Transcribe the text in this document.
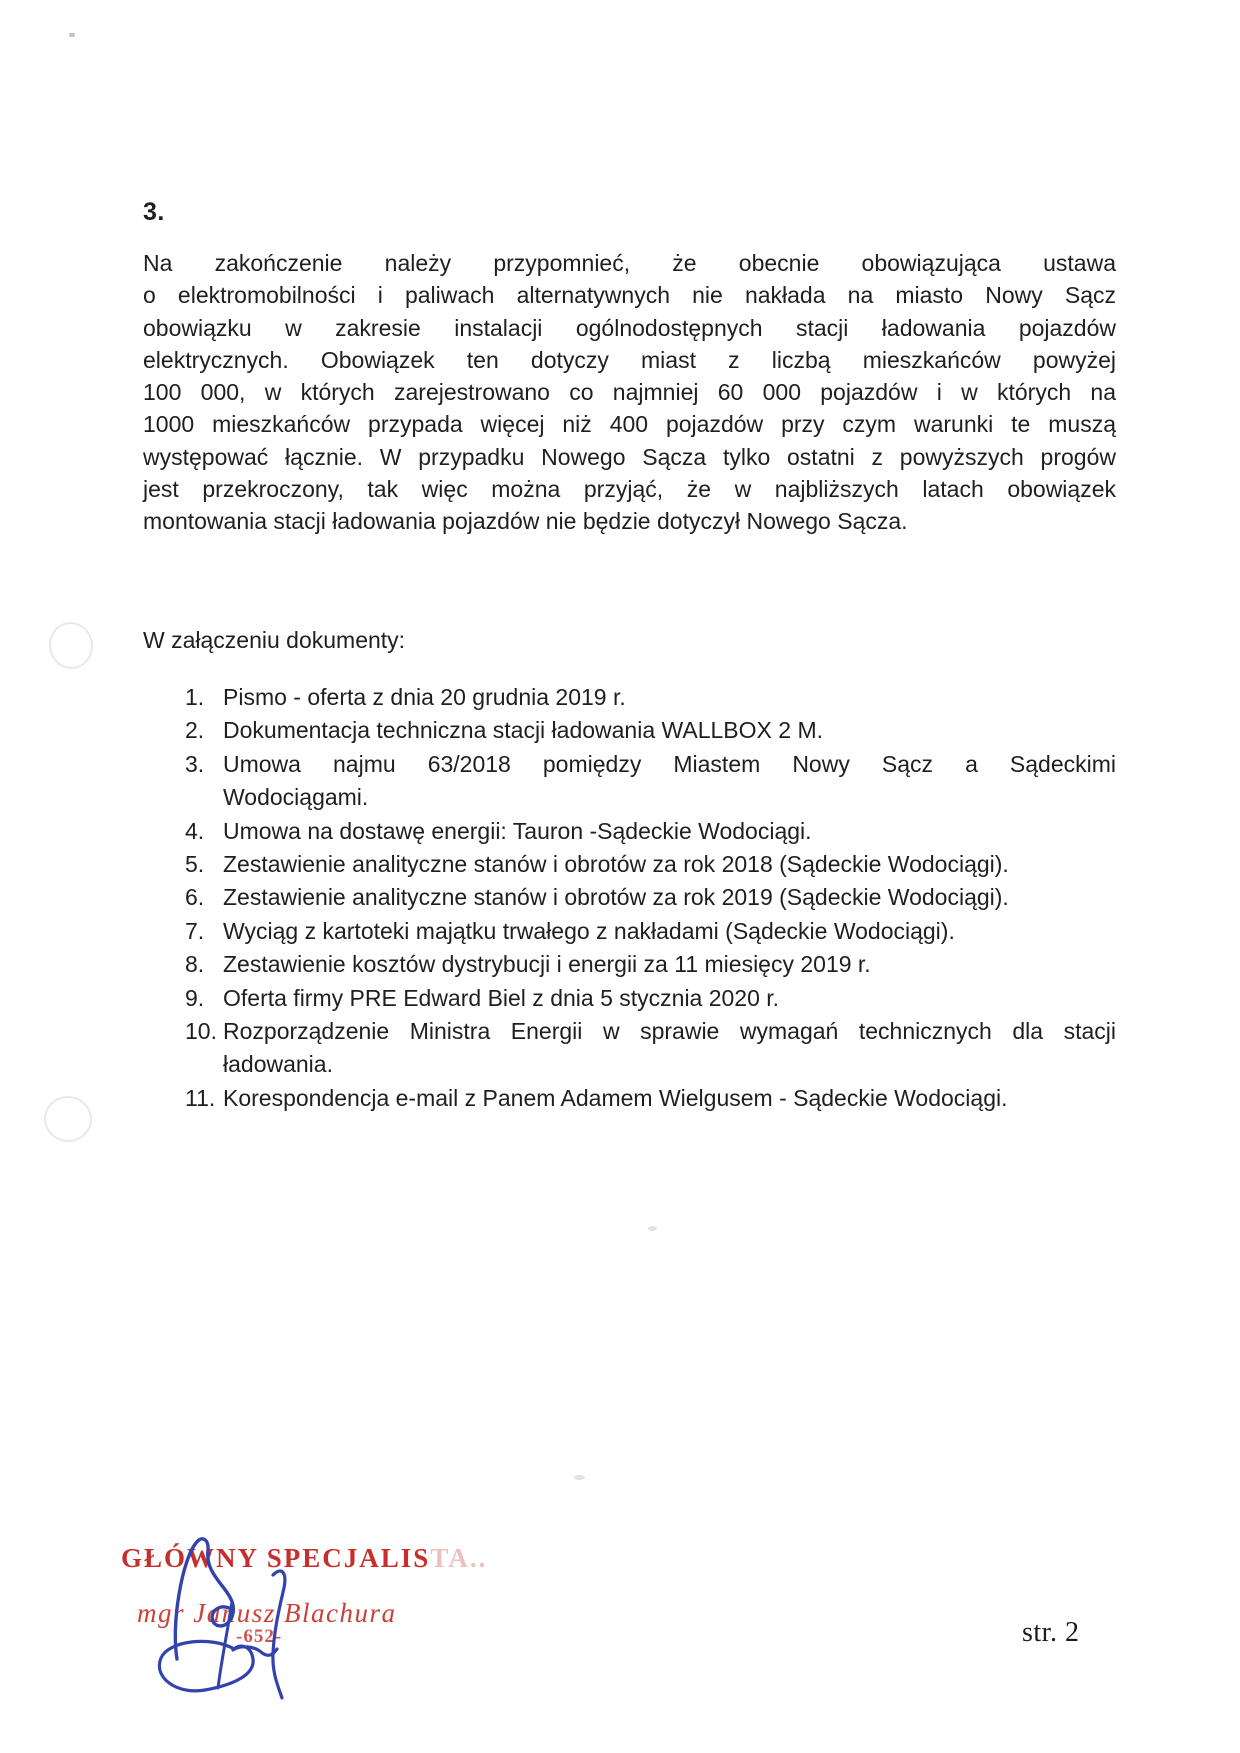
3.
Na zakończenie należy przypomnieć, że obecnie obowiązująca ustawa
o elektromobilności i paliwach alternatywnych nie nakłada na miasto Nowy Sącz
obowiązku w zakresie instalacji ogólnodostępnych stacji ładowania pojazdów
elektrycznych. Obowiązek ten dotyczy miast z liczbą mieszkańców powyżej
100 000, w których zarejestrowano co najmniej 60 000 pojazdów i w których na
1000 mieszkańców przypada więcej niż 400 pojazdów przy czym warunki te muszą
występować łącznie. W przypadku Nowego Sącza tylko ostatni z powyższych progów
jest przekroczony, tak więc można przyjąć, że w najbliższych latach obowiązek
montowania stacji ładowania pojazdów nie będzie dotyczył Nowego Sącza.
W załączeniu dokumenty:
1. Pismo - oferta z dnia 20 grudnia 2019 r.
2. Dokumentacja techniczna stacji ładowania WALLBOX 2 M.
3. Umowa najmu 63/2018 pomiędzy Miastem Nowy Sącz a Sądeckimi
Wodociągami.
4. Umowa na dostawę energii: Tauron -Sądeckie Wodociągi.
5. Zestawienie analityczne stanów i obrotów za rok 2018 (Sądeckie Wodociągi).
6. Zestawienie analityczne stanów i obrotów za rok 2019 (Sądeckie Wodociągi).
7. Wyciąg z kartoteki majątku trwałego z nakładami (Sądeckie Wodociągi).
8. Zestawienie kosztów dystrybucji i energii za 11 miesięcy 2019 r.
9. Oferta firmy PRE Edward Biel z dnia 5 stycznia 2020 r.
10. Rozporządzenie Ministra Energii w sprawie wymagań technicznych dla stacji
ładowania.
11. Korespondencja e-mail z Panem Adamem Wielgusem - Sądeckie Wodociągi.
GŁÓWNY SPECJALISTA..
mgr Janusz Blachura
-652-	str. 2
